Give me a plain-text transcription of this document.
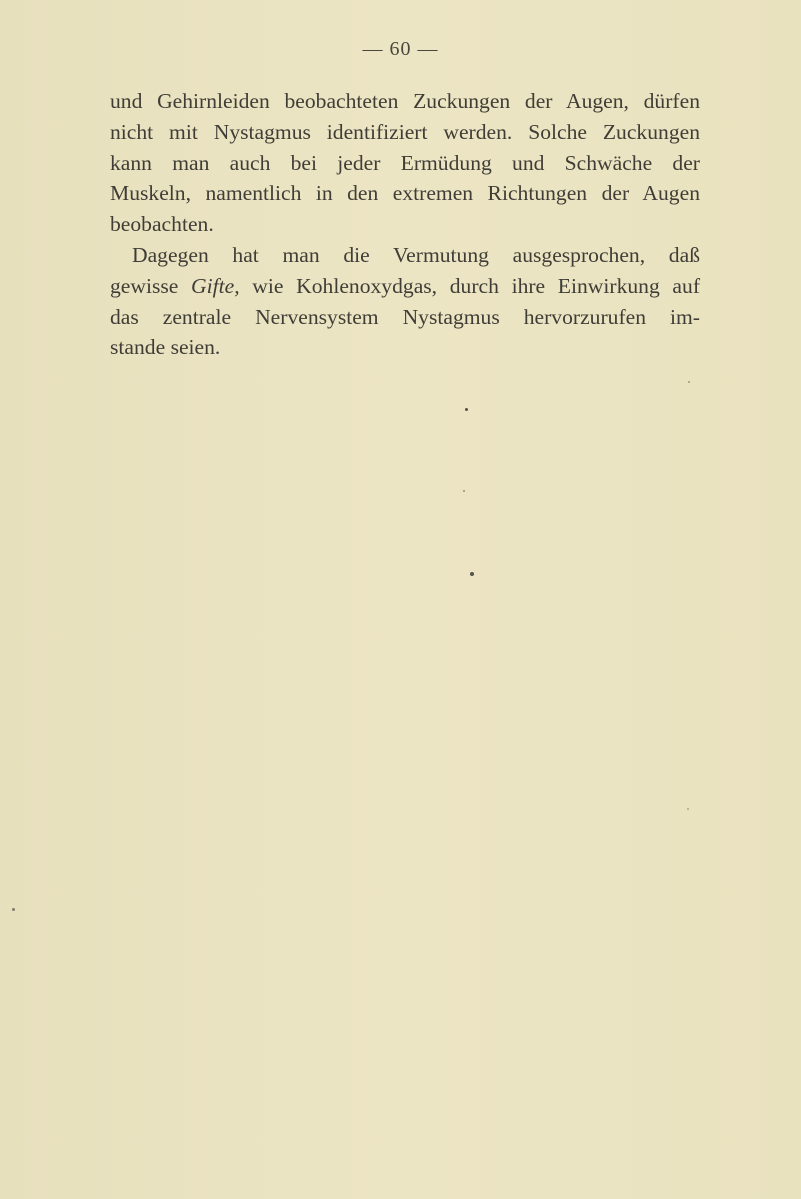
— 60 —
und Gehirnleiden beobachteten Zuckungen der Augen, dürfen
nicht mit Nystagmus identifiziert werden. Solche Zuckungen
kann man auch bei jeder Ermüdung und Schwäche der
Muskeln, namentlich in den extremen Richtungen der Augen
beobachten.
Dagegen hat man die Vermutung ausgesprochen, daß
gewisse Gifte, wie Kohlenoxydgas, durch ihre Einwirkung auf
das zentrale Nervensystem Nystagmus hervorzurufen im-
stande seien.
